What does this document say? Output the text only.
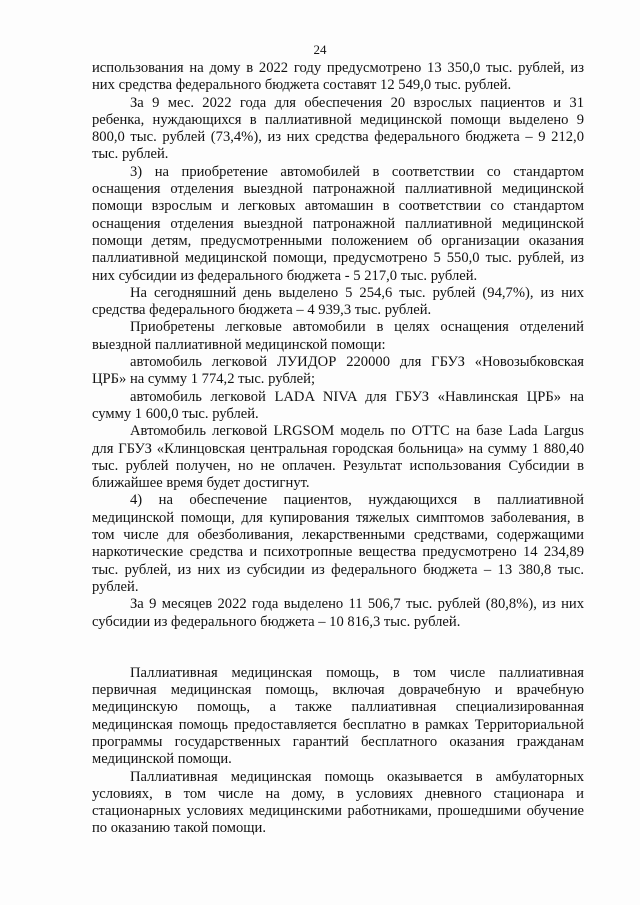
24

использования на дому в 2022 году предусмотрено 13 350,0 тыс. рублей, из них средства федерального бюджета составят 12 549,0 тыс. рублей.

За 9 мес. 2022 года для обеспечения 20 взрослых пациентов и 31 ребенка, нуждающихся в паллиативной медицинской помощи выделено 9 800,0 тыс. рублей (73,4%), из них средства федерального бюджета – 9 212,0 тыс. рублей.

3) на приобретение автомобилей в соответствии со стандартом оснащения отделения выездной патронажной паллиативной медицинской помощи взрослым и легковых автомашин в соответствии со стандартом оснащения отделения выездной патронажной паллиативной медицинской помощи детям, предусмотренными положением об организации оказания паллиативной медицинской помощи, предусмотрено 5 550,0 тыс. рублей, из них субсидии из федерального бюджета - 5 217,0 тыс. рублей.

На сегодняшний день выделено 5 254,6 тыс. рублей (94,7%), из них средства федерального бюджета – 4 939,3 тыс. рублей.

Приобретены легковые автомобили в целях оснащения отделений выездной паллиативной медицинской помощи:

автомобиль легковой ЛУИДОР 220000 для ГБУЗ «Новозыбковская ЦРБ» на сумму 1 774,2 тыс. рублей;

автомобиль легковой LADA NIVA для ГБУЗ «Навлинская ЦРБ» на сумму 1 600,0 тыс. рублей.

Автомобиль легковой LRGSOM модель по ОТТС на базе Lada Largus для ГБУЗ «Клинцовская центральная городская больница» на сумму 1 880,40 тыс. рублей получен, но не оплачен. Результат использования Субсидии в ближайшее время будет достигнут.

4) на обеспечение пациентов, нуждающихся в паллиативной медицинской помощи, для купирования тяжелых симптомов заболевания, в том числе для обезболивания, лекарственными средствами, содержащими наркотические средства и психотропные вещества предусмотрено 14 234,89 тыс. рублей, из них из субсидии из федерального бюджета – 13 380,8 тыс. рублей.

За 9 месяцев 2022 года выделено 11 506,7 тыс. рублей (80,8%), из них субсидии из федерального бюджета – 10 816,3 тыс. рублей.

Паллиативная медицинская помощь, в том числе паллиативная первичная медицинская помощь, включая доврачебную и врачебную медицинскую помощь, а также паллиативная специализированная медицинская помощь предоставляется бесплатно в рамках Территориальной программы государственных гарантий бесплатного оказания гражданам медицинской помощи.

Паллиативная медицинская помощь оказывается в амбулаторных условиях, в том числе на дому, в условиях дневного стационара и стационарных условиях медицинскими работниками, прошедшими обучение по оказанию такой помощи.
